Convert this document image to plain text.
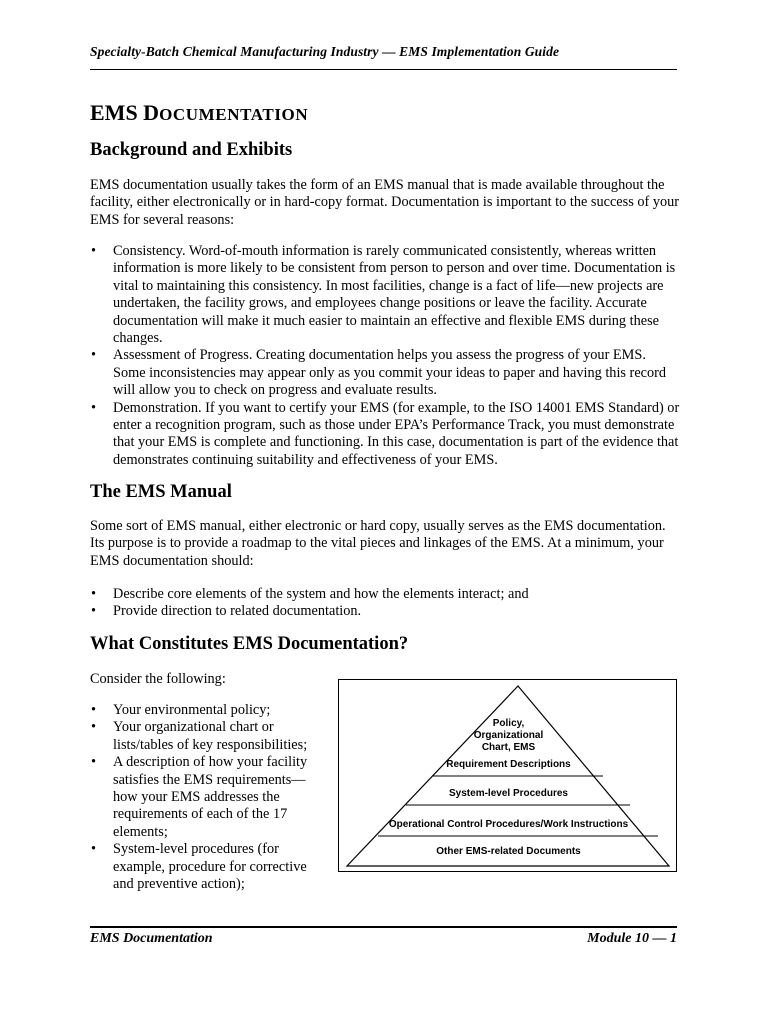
Specialty-Batch Chemical Manufacturing Industry — EMS Implementation Guide
EMS DOCUMENTATION
Background and Exhibits

EMS documentation usually takes the form of an EMS manual that is made available throughout the facility, either electronically or in hard-copy format. Documentation is important to the success of your EMS for several reasons:

• Consistency. Word-of-mouth information is rarely communicated consistently, whereas written information is more likely to be consistent from person to person and over time. Documentation is vital to maintaining this consistency. In most facilities, change is a fact of life—new projects are undertaken, the facility grows, and employees change positions or leave the facility. Accurate documentation will make it much easier to maintain an effective and flexible EMS during these changes.
• Assessment of Progress. Creating documentation helps you assess the progress of your EMS. Some inconsistencies may appear only as you commit your ideas to paper and having this record will allow you to check on progress and evaluate results.
• Demonstration. If you want to certify your EMS (for example, to the ISO 14001 EMS Standard) or enter a recognition program, such as those under EPA’s Performance Track, you must demonstrate that your EMS is complete and functioning. In this case, documentation is part of the evidence that demonstrates continuing suitability and effectiveness of your EMS.
The EMS Manual

Some sort of EMS manual, either electronic or hard copy, usually serves as the EMS documentation. Its purpose is to provide a roadmap to the vital pieces and linkages of the EMS. At a minimum, your EMS documentation should:

• Describe core elements of the system and how the elements interact; and
• Provide direction to related documentation.
What Constitutes EMS Documentation?

Consider the following:

• Your environmental policy;
• Your organizational chart or lists/tables of key responsibilities;
• A description of how your facility satisfies the EMS requirements—how your EMS addresses the requirements of each of the 17 elements;
• System-level procedures (for example, procedure for corrective and preventive action);
Policy,
Organizational
Chart, EMS
Requirement Descriptions
System-level Procedures
Operational Control Procedures/Work Instructions
Other EMS-related Documents
EMS Documentation	Module 10 — 1
